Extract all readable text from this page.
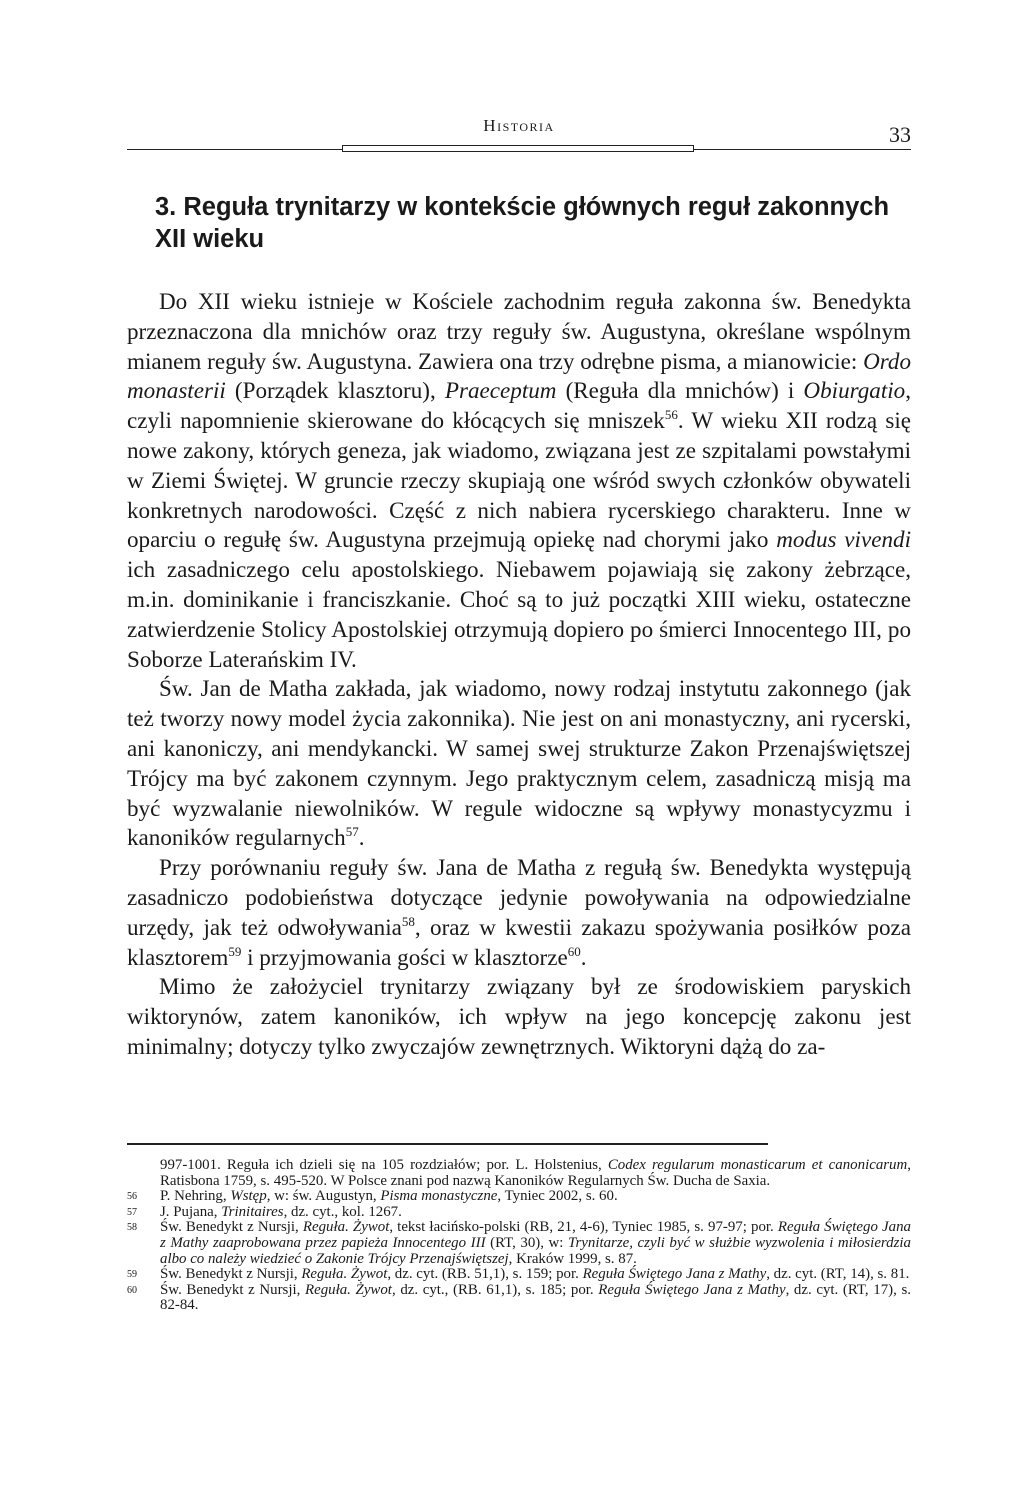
Historia	33
3. Reguła trynitarzy w kontekście głównych reguł zakonnych XII wieku

Do XII wieku istnieje w Kościele zachodnim reguła zakonna św. Benedykta przeznaczona dla mnichów oraz trzy reguły św. Augustyna, określane wspólnym mianem reguły św. Augustyna. Zawiera ona trzy odrębne pisma, a mianowicie: Ordo monasterii (Porządek klasztoru), Praeceptum (Reguła dla mnichów) i Obiurgatio, czyli napomnienie skierowane do kłócących się mniszek$^{56}$. W wieku XII rodzą się nowe zakony, których geneza, jak wiadomo, związana jest ze szpitalami powstałymi w Ziemi Świętej. W gruncie rzeczy skupiają one wśród swych członków obywateli konkretnych narodowości. Część z nich nabiera rycerskiego charakteru. Inne w oparciu o regułę św. Augustyna przejmują opiekę nad chorymi jako modus vivendi ich zasadniczego celu apostolskiego. Niebawem pojawiają się zakony żebrzące, m.in. dominikanie i franciszkanie. Choć są to już początki XIII wieku, ostateczne zatwierdzenie Stolicy Apostolskiej otrzymują dopiero po śmierci Innocentego III, po Soborze Laterańskim IV.

Św. Jan de Matha zakłada, jak wiadomo, nowy rodzaj instytutu zakonnego (jak też tworzy nowy model życia zakonnika). Nie jest on ani monastyczny, ani rycerski, ani kanoniczy, ani mendykancki. W samej swej strukturze Zakon Przenajświętszej Trójcy ma być zakonem czynnym. Jego praktycznym celem, zasadniczą misją ma być wyzwalanie niewolników. W regule widoczne są wpływy monastycyzmu i kanoników regularnych$^{57}$.

Przy porównaniu reguły św. Jana de Matha z regułą św. Benedykta występują zasadniczo podobieństwa dotyczące jedynie powoływania na odpowiedzialne urzędy, jak też odwoływania$^{58}$, oraz w kwestii zakazu spożywania posiłków poza klasztorem$^{59}$ i przyjmowania gości w klasztorze$^{60}$.

Mimo że założyciel trynitarzy związany był ze środowiskiem paryskich wiktorynów, zatem kanoników, ich wpływ na jego koncepcję zakonu jest minimalny; dotyczy tylko zwyczajów zewnętrznych. Wiktoryni dążą do za-

997-1001. Reguła ich dzieli się na 105 rozdziałów; por. L. Holstenius, Codex regularum monasticarum et canonicarum, Ratisbona 1759, s. 495-520. W Polsce znani pod nazwą Kanoników Regularnych Św. Ducha de Saxia.
56 P. Nehring, Wstęp, w: św. Augustyn, Pisma monastyczne, Tyniec 2002, s. 60.
57 J. Pujana, Trinitaires, dz. cyt., kol. 1267.
58 Św. Benedykt z Nursji, Reguła. Żywot, tekst łacińsko-polski (RB, 21, 4-6), Tyniec 1985, s. 97-97; por. Reguła Świętego Jana z Mathy zaaprobowana przez papieża Innocentego III (RT, 30), w: Trynitarze, czyli być w służbie wyzwolenia i miłosierdzia albo co należy wiedzieć o Zakonie Trójcy Przenajświętszej, Kraków 1999, s. 87.
59 Św. Benedykt z Nursji, Reguła. Żywot, dz. cyt. (RB. 51,1), s. 159; por. Reguła Świętego Jana z Mathy, dz. cyt. (RT, 14), s. 81.
60 Św. Benedykt z Nursji, Reguła. Żywot, dz. cyt., (RB. 61,1), s. 185; por. Reguła Świętego Jana z Mathy, dz. cyt. (RT, 17), s. 82-84.
